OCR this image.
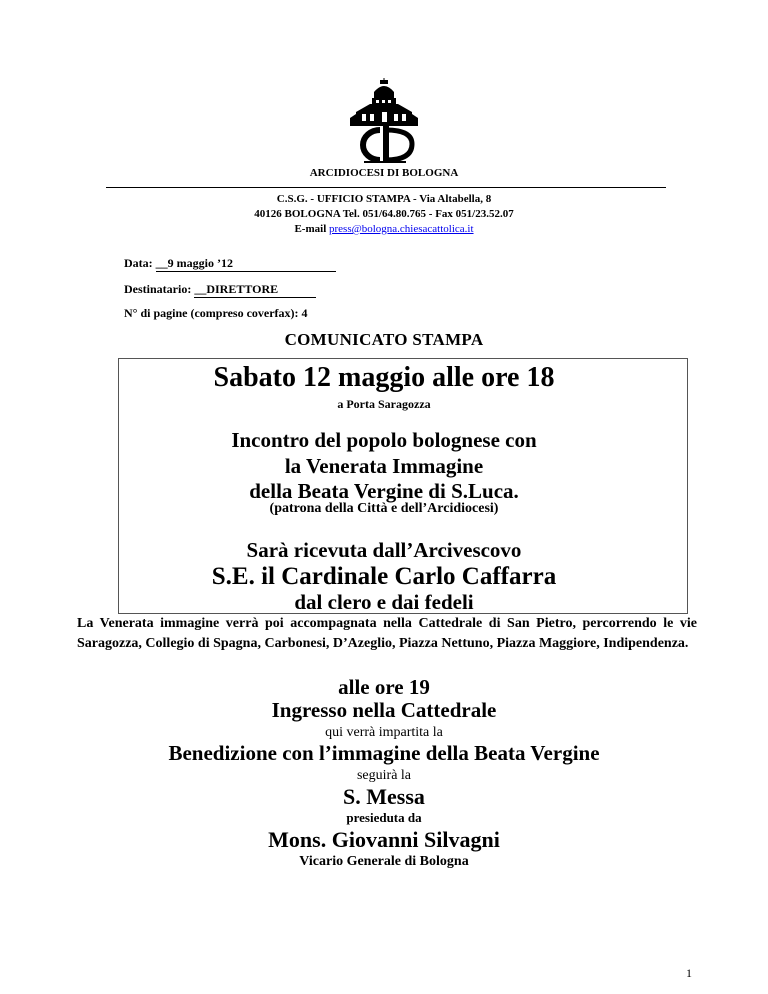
ARCIDIOCESI DI BOLOGNA
C.S.G. - UFFICIO STAMPA - Via Altabella, 8
40126 BOLOGNA Tel. 051/64.80.765 - Fax 051/23.52.07
E-mail press@bologna.chiesacattolica.it
Data: __9 maggio ’12
Destinatario: __DIRETTORE
N° di pagine (compreso coverfax): 4
COMUNICATO STAMPA
Sabato 12 maggio alle ore 18
a Porta Saragozza
Incontro del popolo bolognese con
la Venerata Immagine
della Beata Vergine di S.Luca.
(patrona della Città e dell’Arcidiocesi)
Sarà ricevuta dall’Arcivescovo
S.E. il Cardinale Carlo Caffarra
dal clero e dai fedeli
La Venerata immagine verrà poi accompagnata nella Cattedrale di San Pietro, percorrendo le vie Saragozza, Collegio di Spagna, Carbonesi, D’Azeglio, Piazza Nettuno, Piazza Maggiore, Indipendenza.
alle ore 19
Ingresso nella Cattedrale
qui verrà impartita la
Benedizione con l’immagine della Beata Vergine
seguirà la
S. Messa
presieduta da
Mons. Giovanni Silvagni
Vicario Generale di Bologna
1
